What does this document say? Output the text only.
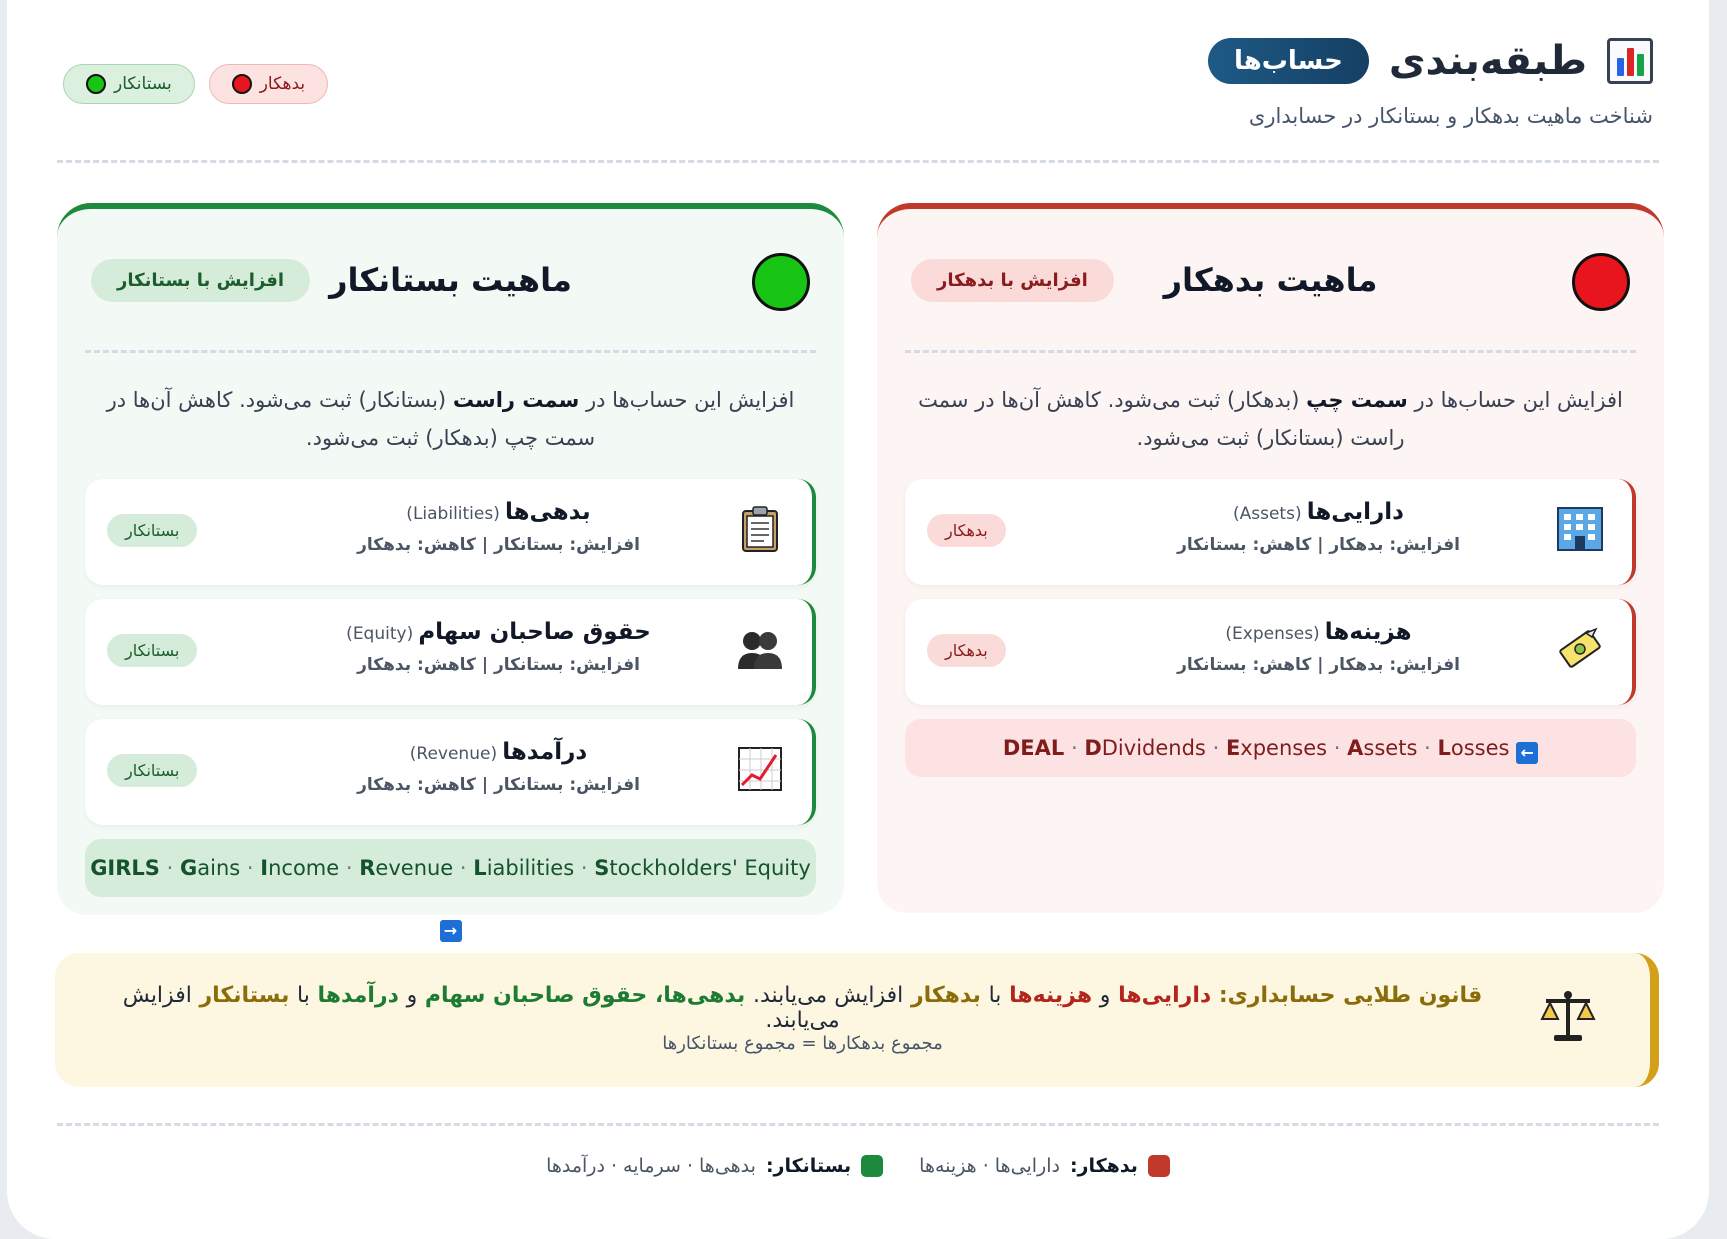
طبقه‌بندی
حساب‌ها
شناخت ماهیت بدهکار و بستانکار در حسابداری
بستانکار	بدهکار
ماهیت بدهکار
افزایش با بدهکار
افزایش این حساب‌ها در سمت چپ (بدهکار) ثبت می‌شود. کاهش آن‌ها در سمت راست (بستانکار) ثبت می‌شود.
دارایی‌ها (Assets)
افزایش: بدهکار | کاهش: بستانکار
بدهکار
هزینه‌ها (Expenses)
افزایش: بدهکار | کاهش: بستانکار
بدهکار
DEAL · DDividends · Expenses · Assets · Losses ←
ماهیت بستانکار
افزایش با بستانکار
افزایش این حساب‌ها در سمت راست (بستانکار) ثبت می‌شود. کاهش آن‌ها در سمت چپ (بدهکار) ثبت می‌شود.
بدهی‌ها (Liabilities)
افزایش: بستانکار | کاهش: بدهکار
بستانکار
حقوق صاحبان سهام (Equity)
افزایش: بستانکار | کاهش: بدهکار
بستانکار
درآمدها (Revenue)
افزایش: بستانکار | کاهش: بدهکار
بستانکار
GIRLS · Gains · Income · Revenue · Liabilities · Stockholders' Equity →
قانون طلایی حسابداری: دارایی‌ها و هزینه‌ها با بدهکار افزایش می‌یابند. بدهی‌ها، حقوق صاحبان سهام و درآمدها با بستانکار افزایش می‌یابند.
مجموع بدهکارها = مجموع بستانکارها
بدهکار:
دارایی‌ها · هزینه‌ها
بستانکار:
بدهی‌ها · سرمایه · درآمدها
